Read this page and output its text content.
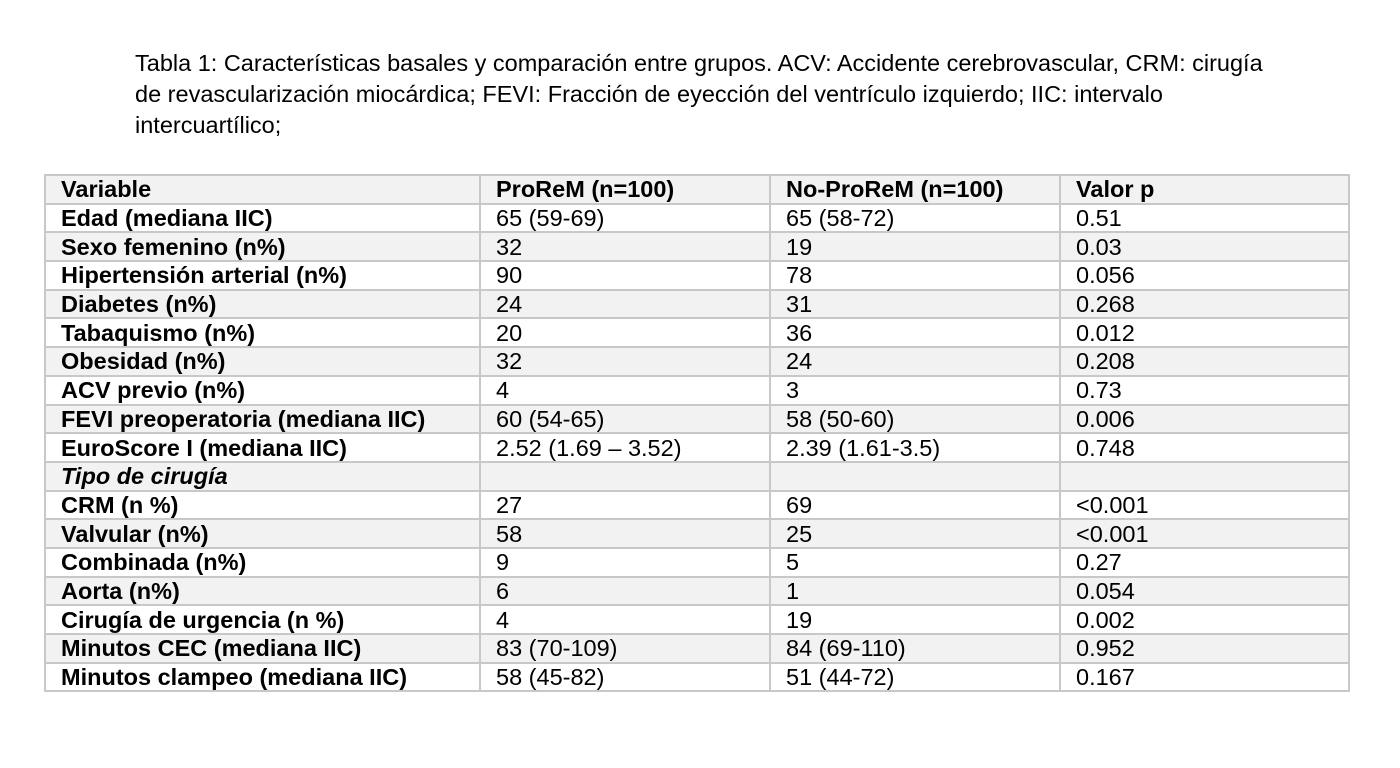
Tabla 1: Características basales y comparación entre grupos. ACV: Accidente cerebrovascular, CRM: cirugía de revascularización miocárdica; FEVI: Fracción de eyección del ventrículo izquierdo; IIC: intervalo intercuartílico;

Variable	ProReM (n=100)	No-ProReM (n=100)	Valor p
Edad (mediana IIC)	65 (59-69)	65 (58-72)	0.51
Sexo femenino (n%)	32	19	0.03
Hipertensión arterial (n%)	90	78	0.056
Diabetes (n%)	24	31	0.268
Tabaquismo (n%)	20	36	0.012
Obesidad (n%)	32	24	0.208
ACV previo (n%)	4	3	0.73
FEVI preoperatoria (mediana IIC)	60 (54-65)	58 (50-60)	0.006
EuroScore I (mediana IIC)	2.52 (1.69 – 3.52)	2.39 (1.61-3.5)	0.748
Tipo de cirugía			
CRM (n %)	27	69	<0.001
Valvular (n%)	58	25	<0.001
Combinada (n%)	9	5	0.27
Aorta (n%)	6	1	0.054
Cirugía de urgencia (n %)	4	19	0.002
Minutos CEC (mediana IIC)	83 (70-109)	84 (69-110)	0.952
Minutos clampeo (mediana IIC)	58 (45-82)	51 (44-72)	0.167
